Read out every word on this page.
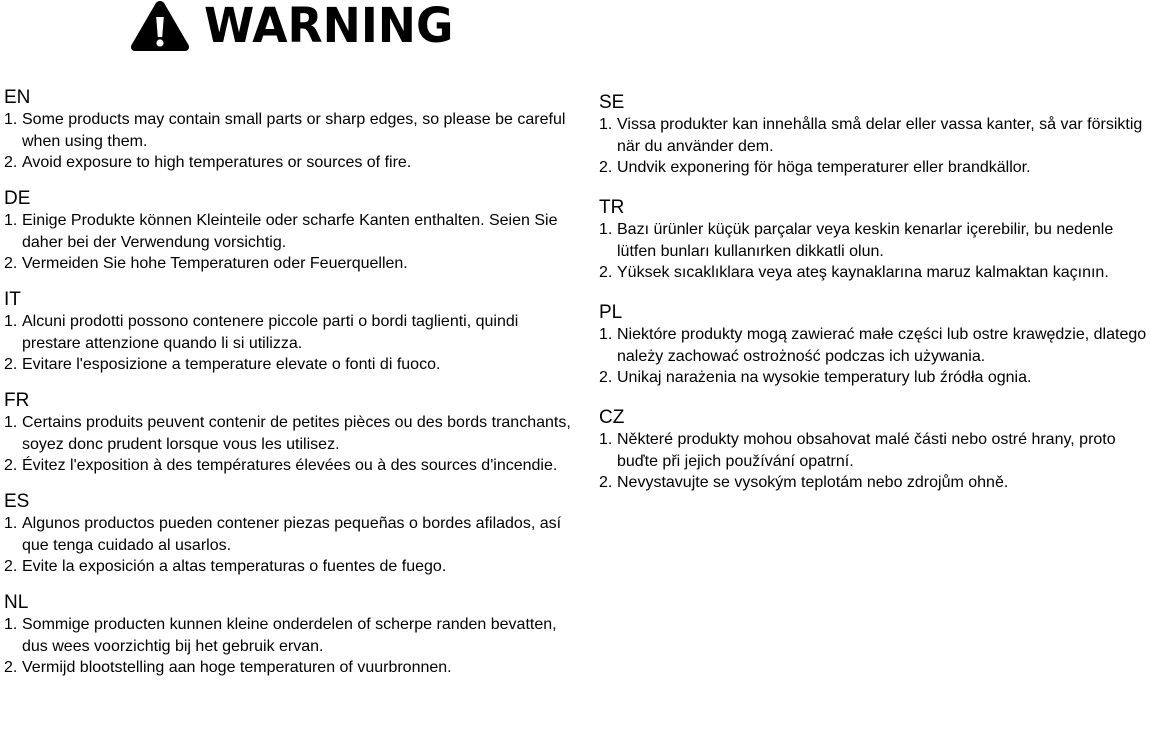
WARNING
EN
1. Some products may contain small parts or sharp edges, so please be careful when using them.
2. Avoid exposure to high temperatures or sources of fire.
DE
1. Einige Produkte können Kleinteile oder scharfe Kanten enthalten. Seien Sie daher bei der Verwendung vorsichtig.
2. Vermeiden Sie hohe Temperaturen oder Feuerquellen.
IT
1. Alcuni prodotti possono contenere piccole parti o bordi taglienti, quindi prestare attenzione quando li si utilizza.
2. Evitare l'esposizione a temperature elevate o fonti di fuoco.
FR
1. Certains produits peuvent contenir de petites pièces ou des bords tranchants, soyez donc prudent lorsque vous les utilisez.
2. Évitez l'exposition à des températures élevées ou à des sources d'incendie.
ES
1. Algunos productos pueden contener piezas pequeñas o bordes afilados, así que tenga cuidado al usarlos.
2. Evite la exposición a altas temperaturas o fuentes de fuego.
NL
1. Sommige producten kunnen kleine onderdelen of scherpe randen bevatten, dus wees voorzichtig bij het gebruik ervan.
2. Vermijd blootstelling aan hoge temperaturen of vuurbronnen.
SE
1. Vissa produkter kan innehålla små delar eller vassa kanter, så var försiktig när du använder dem.
2. Undvik exponering för höga temperaturer eller brandkällor.
TR
1. Bazı ürünler küçük parçalar veya keskin kenarlar içerebilir, bu nedenle lütfen bunları kullanırken dikkatli olun.
2. Yüksek sıcaklıklara veya ateş kaynaklarına maruz kalmaktan kaçının.
PL
1. Niektóre produkty mogą zawierać małe części lub ostre krawędzie, dlatego należy zachować ostrożność podczas ich używania.
2. Unikaj narażenia na wysokie temperatury lub źródła ognia.
CZ
1. Některé produkty mohou obsahovat malé části nebo ostré hrany, proto buďte při jejich používání opatrní.
2. Nevystavujte se vysokým teplotám nebo zdrojům ohně.
